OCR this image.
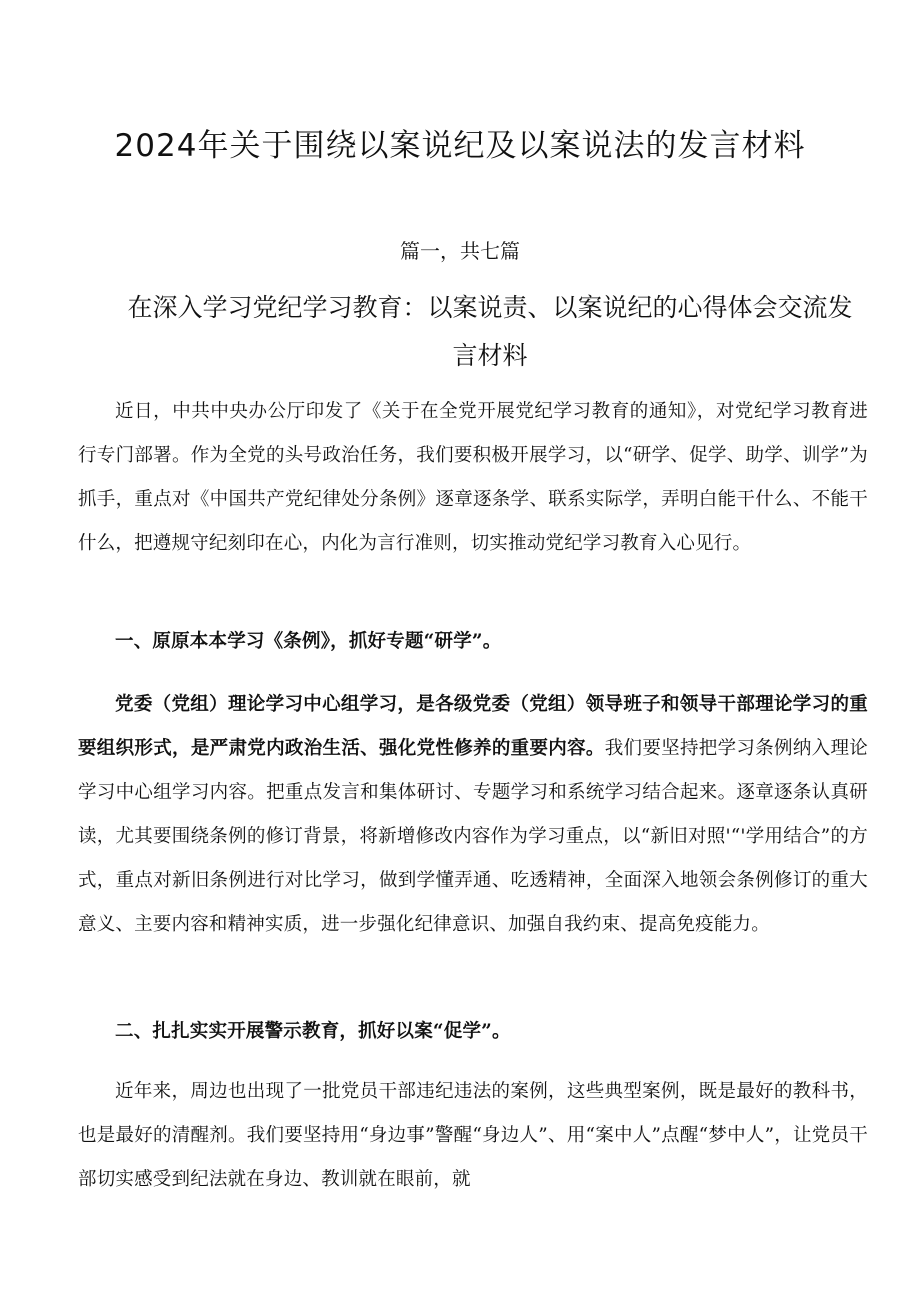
2024年关于围绕以案说纪及以案说法的发言材料

篇一，共七篇

在深入学习党纪学习教育：以案说责、以案说纪的心得体会交流发言材料

近日，中共中央办公厅印发了《关于在全党开展党纪学习教育的通知》，对党纪学习教育进行专门部署。作为全党的头号政治任务，我们要积极开展学习，以“研学、促学、助学、训学”为抓手，重点对《中国共产党纪律处分条例》逐章逐条学、联系实际学，弄明白能干什么、不能干什么，把遵规守纪刻印在心，内化为言行准则，切实推动党纪学习教育入心见行。

一、原原本本学习《条例》，抓好专题“研学”。

党委（党组）理论学习中心组学习，是各级党委（党组）领导班子和领导干部理论学习的重要组织形式，是严肃党内政治生活、强化党性修养的重要内容。我们要坚持把学习条例纳入理论学习中心组学习内容。把重点发言和集体研讨、专题学习和系统学习结合起来。逐章逐条认真研读，尤其要围绕条例的修订背景，将新增修改内容作为学习重点，以“新旧对照'“'学用结合”的方式，重点对新旧条例进行对比学习，做到学懂弄通、吃透精神，全面深入地领会条例修订的重大意义、主要内容和精神实质，进一步强化纪律意识、加强自我约束、提高免疫能力。

二、扎扎实实开展警示教育，抓好以案“促学”。

近年来，周边也出现了一批党员干部违纪违法的案例，这些典型案例，既是最好的教科书，也是最好的清醒剂。我们要坚持用“身边事”警醒“身边人”、用“案中人”点醒“梦中人”，让党员干部切实感受到纪法就在身边、教训就在眼前，就
